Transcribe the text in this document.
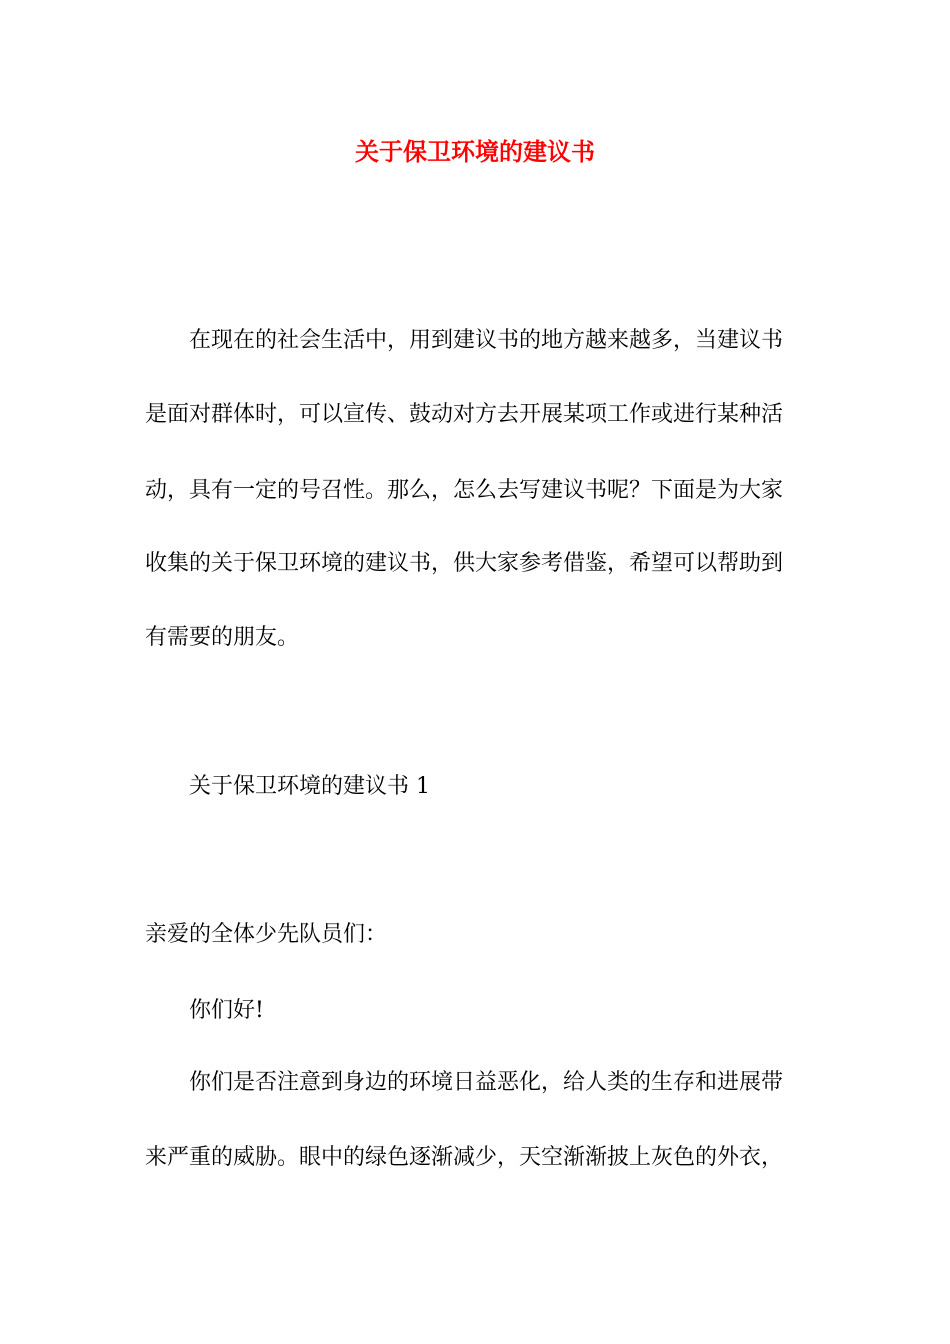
关于保卫环境的建议书
在现在的社会生活中，用到建议书的地方越来越多，当建议书
是面对群体时，可以宣传、鼓动对方去开展某项工作或进行某种活
动，具有一定的号召性。那么，怎么去写建议书呢？下面是为大家
收集的关于保卫环境的建议书，供大家参考借鉴，希望可以帮助到
有需要的朋友。
关于保卫环境的建议书 1
亲爱的全体少先队员们：
你们好!
你们是否注意到身边的环境日益恶化，给人类的生存和进展带
来严重的威胁。眼中的绿色逐渐减少，天空渐渐披上灰色的外衣，
